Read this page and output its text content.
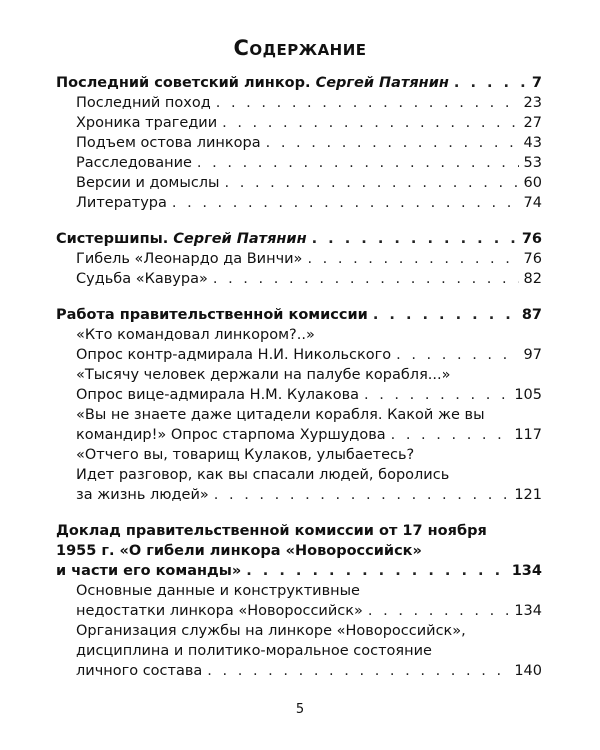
Содержание
Последний советский линкор. Сергей Патянин . . .	7
Последний поход . . .	23
Хроника трагедии . . .	27
Подъем остова линкора . . .	43
Расследование . . .	53
Версии и домыслы . . .	60
Литература . . .	74
Систершипы. Сергей Патянин . . .	76
Гибель «Леонардо да Винчи» . . .	76
Судьба «Кавура» . . .	82
Работа правительственной комиссии . . .	87
«Кто командовал линкором?..»
Опрос контр-адмирала Н.И. Никольского . . .	97
«Тысячу человек держали на палубе корабля...»
Опрос вице-адмирала Н.М. Кулакова . . .	105
«Вы не знаете даже цитадели корабля. Какой же вы
командир!» Опрос старпома Хуршудова . . .	117
«Отчего вы, товарищ Кулаков, улыбаетесь?
Идет разговор, как вы спасали людей, боролись
за жизнь людей» . . .	121
Доклад правительственной комиссии от 17 ноября
1955 г. «О гибели линкора «Новороссийск»
и части его команды» . . .	134
Основные данные и конструктивные
недостатки линкора «Новороссийск» . . .	134
Организация службы на линкоре «Новороссийск»,
дисциплина и политико-моральное состояние
личного состава . . .	140
5
